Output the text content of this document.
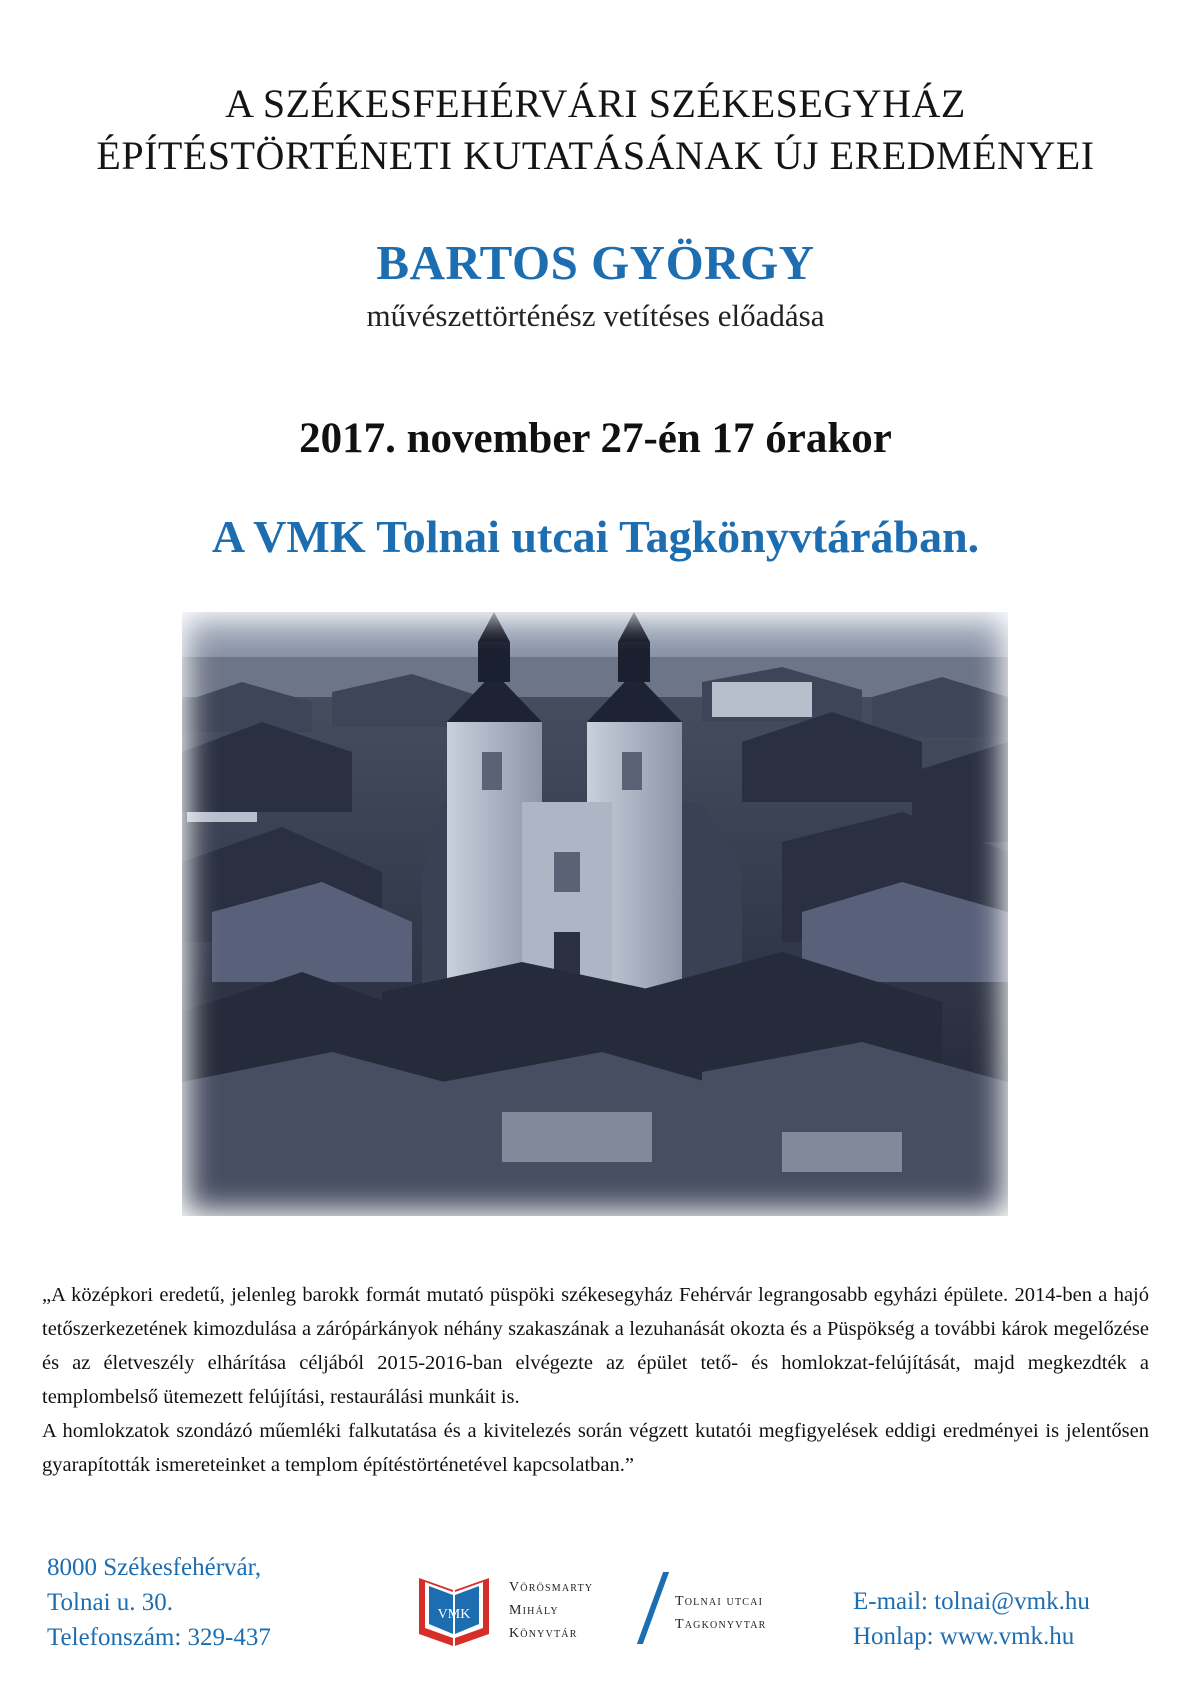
A SZÉKESFEHÉRVÁRI SZÉKESEGYHÁZ
ÉPÍTÉSTÖRTÉNETI KUTATÁSÁNAK ÚJ EREDMÉNYEI
BARTOS GYÖRGY
művészettörténész vetítéses előadása
2017. november 27-én 17 órakor
A VMK Tolnai utcai Tagkönyvtárában.

„A középkori eredetű, jelenleg barokk formát mutató püspöki székesegyház Fehérvár legrangosabb egyházi épülete. 2014-ben a hajó tetőszerkezetének kimozdulása a zárópárkányok néhány szakaszának a lezuhanását okozta és a Püspökség a további károk megelőzése és az életveszély elhárítása céljából 2015-2016-ban elvégezte az épület tető- és homlokzat-felújítását, majd megkezdték a templombelső ütemezett felújítási, restaurálási munkáit is.

A homlokzatok szondázó műemléki falkutatása és a kivitelezés során végzett kutatói megfigyelések eddigi eredményei is jelentősen gyarapították ismereteinket a templom építéstörténetével kapcsolatban.”

8000 Székesfehérvár,
Tolnai u. 30.
Telefonszám: 329-437
VMK
Vörösmarty
Mihály
Könyvtár
Tolnai utcai
Tagkonyvtar
E-mail: tolnai@vmk.hu
Honlap: www.vmk.hu
